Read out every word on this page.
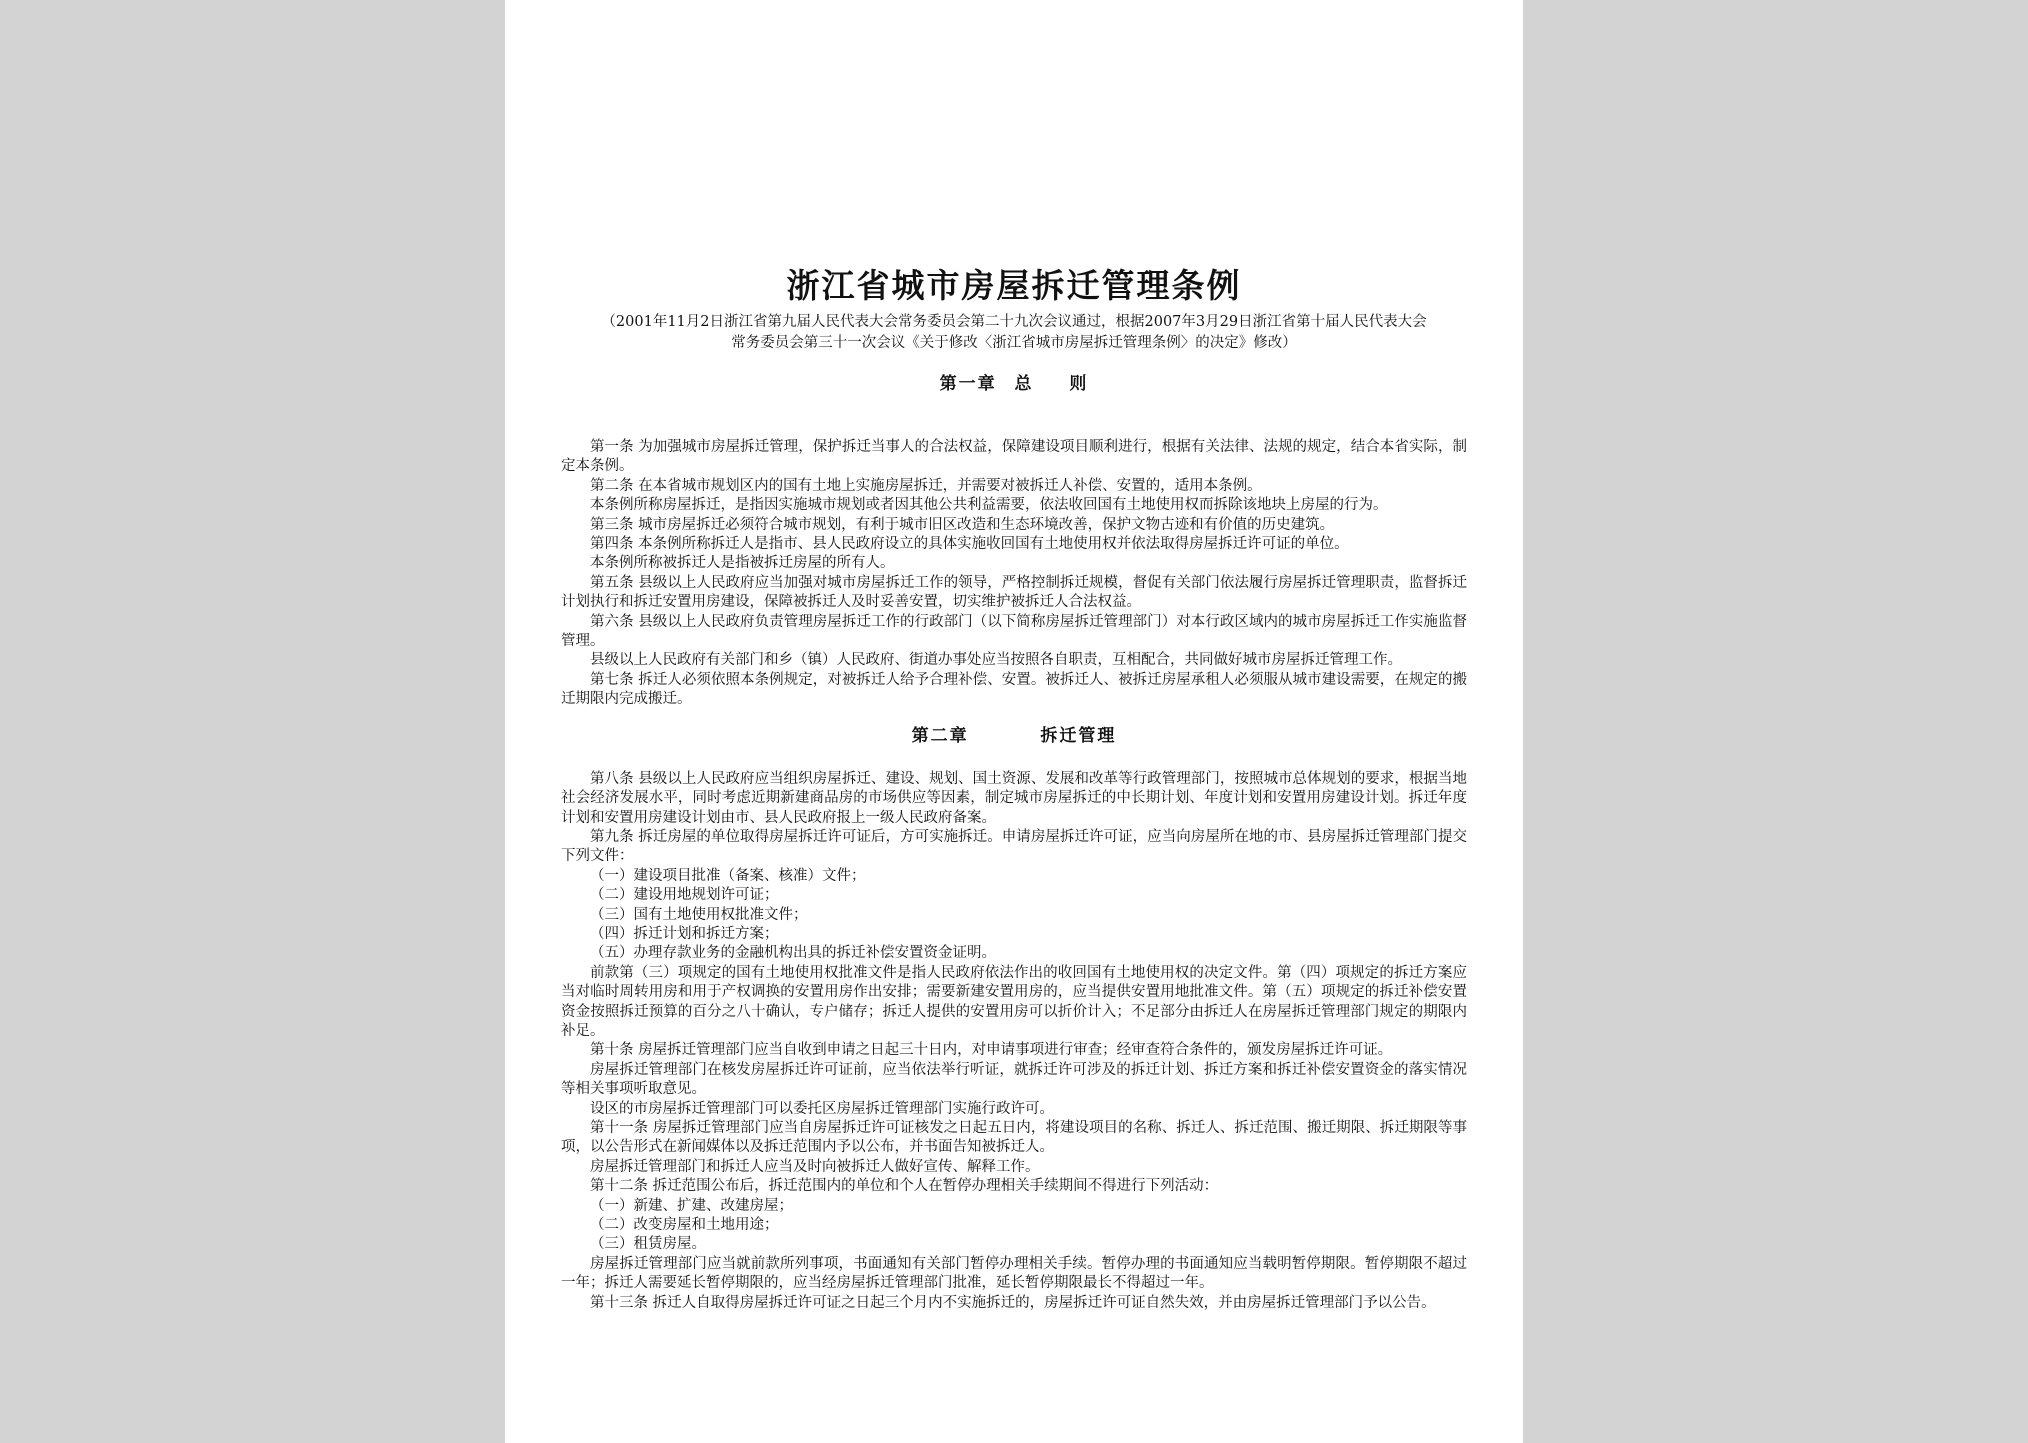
浙江省城市房屋拆迁管理条例
（2001年11月2日浙江省第九届人民代表大会常务委员会第二十九次会议通过，根据2007年3月29日浙江省第十届人民代表大会
常务委员会第三十一次会议《关于修改〈浙江省城市房屋拆迁管理条例〉的决定》修改）
第一章 总  则

第一条 为加强城市房屋拆迁管理，保护拆迁当事人的合法权益，保障建设项目顺利进行，根据有关法律、法规的规定，结合本省实际，制定本条例。

第二条 在本省城市规划区内的国有土地上实施房屋拆迁，并需要对被拆迁人补偿、安置的，适用本条例。

本条例所称房屋拆迁，是指因实施城市规划或者因其他公共利益需要，依法收回国有土地使用权而拆除该地块上房屋的行为。

第三条 城市房屋拆迁必须符合城市规划，有利于城市旧区改造和生态环境改善，保护文物古迹和有价值的历史建筑。

第四条 本条例所称拆迁人是指市、县人民政府设立的具体实施收回国有土地使用权并依法取得房屋拆迁许可证的单位。

本条例所称被拆迁人是指被拆迁房屋的所有人。

第五条 县级以上人民政府应当加强对城市房屋拆迁工作的领导，严格控制拆迁规模，督促有关部门依法履行房屋拆迁管理职责，监督拆迁计划执行和拆迁安置用房建设，保障被拆迁人及时妥善安置，切实维护被拆迁人合法权益。

第六条 县级以上人民政府负责管理房屋拆迁工作的行政部门（以下简称房屋拆迁管理部门）对本行政区域内的城市房屋拆迁工作实施监督管理。

县级以上人民政府有关部门和乡（镇）人民政府、街道办事处应当按照各自职责，互相配合，共同做好城市房屋拆迁管理工作。

第七条 拆迁人必须依照本条例规定，对被拆迁人给予合理补偿、安置。被拆迁人、被拆迁房屋承租人必须服从城市建设需要，在规定的搬迁期限内完成搬迁。

第二章    拆迁管理

第八条 县级以上人民政府应当组织房屋拆迁、建设、规划、国土资源、发展和改革等行政管理部门，按照城市总体规划的要求，根据当地社会经济发展水平，同时考虑近期新建商品房的市场供应等因素，制定城市房屋拆迁的中长期计划、年度计划和安置用房建设计划。拆迁年度计划和安置用房建设计划由市、县人民政府报上一级人民政府备案。

第九条 拆迁房屋的单位取得房屋拆迁许可证后，方可实施拆迁。申请房屋拆迁许可证，应当向房屋所在地的市、县房屋拆迁管理部门提交下列文件：

（一）建设项目批准（备案、核准）文件；

（二）建设用地规划许可证；

（三）国有土地使用权批准文件；

（四）拆迁计划和拆迁方案；

（五）办理存款业务的金融机构出具的拆迁补偿安置资金证明。

前款第（三）项规定的国有土地使用权批准文件是指人民政府依法作出的收回国有土地使用权的决定文件。第（四）项规定的拆迁方案应当对临时周转用房和用于产权调换的安置用房作出安排；需要新建安置用房的，应当提供安置用地批准文件。第（五）项规定的拆迁补偿安置资金按照拆迁预算的百分之八十确认，专户储存；拆迁人提供的安置用房可以折价计入；不足部分由拆迁人在房屋拆迁管理部门规定的期限内补足。

第十条 房屋拆迁管理部门应当自收到申请之日起三十日内，对申请事项进行审查；经审查符合条件的，颁发房屋拆迁许可证。

房屋拆迁管理部门在核发房屋拆迁许可证前，应当依法举行听证，就拆迁许可涉及的拆迁计划、拆迁方案和拆迁补偿安置资金的落实情况等相关事项听取意见。

设区的市房屋拆迁管理部门可以委托区房屋拆迁管理部门实施行政许可。

第十一条 房屋拆迁管理部门应当自房屋拆迁许可证核发之日起五日内，将建设项目的名称、拆迁人、拆迁范围、搬迁期限、拆迁期限等事项，以公告形式在新闻媒体以及拆迁范围内予以公布，并书面告知被拆迁人。

房屋拆迁管理部门和拆迁人应当及时向被拆迁人做好宣传、解释工作。

第十二条 拆迁范围公布后，拆迁范围内的单位和个人在暂停办理相关手续期间不得进行下列活动：

（一）新建、扩建、改建房屋；

（二）改变房屋和土地用途；

（三）租赁房屋。

房屋拆迁管理部门应当就前款所列事项，书面通知有关部门暂停办理相关手续。暂停办理的书面通知应当载明暂停期限。暂停期限不超过一年；拆迁人需要延长暂停期限的，应当经房屋拆迁管理部门批准，延长暂停期限最长不得超过一年。

第十三条 拆迁人自取得房屋拆迁许可证之日起三个月内不实施拆迁的，房屋拆迁许可证自然失效，并由房屋拆迁管理部门予以公告。
